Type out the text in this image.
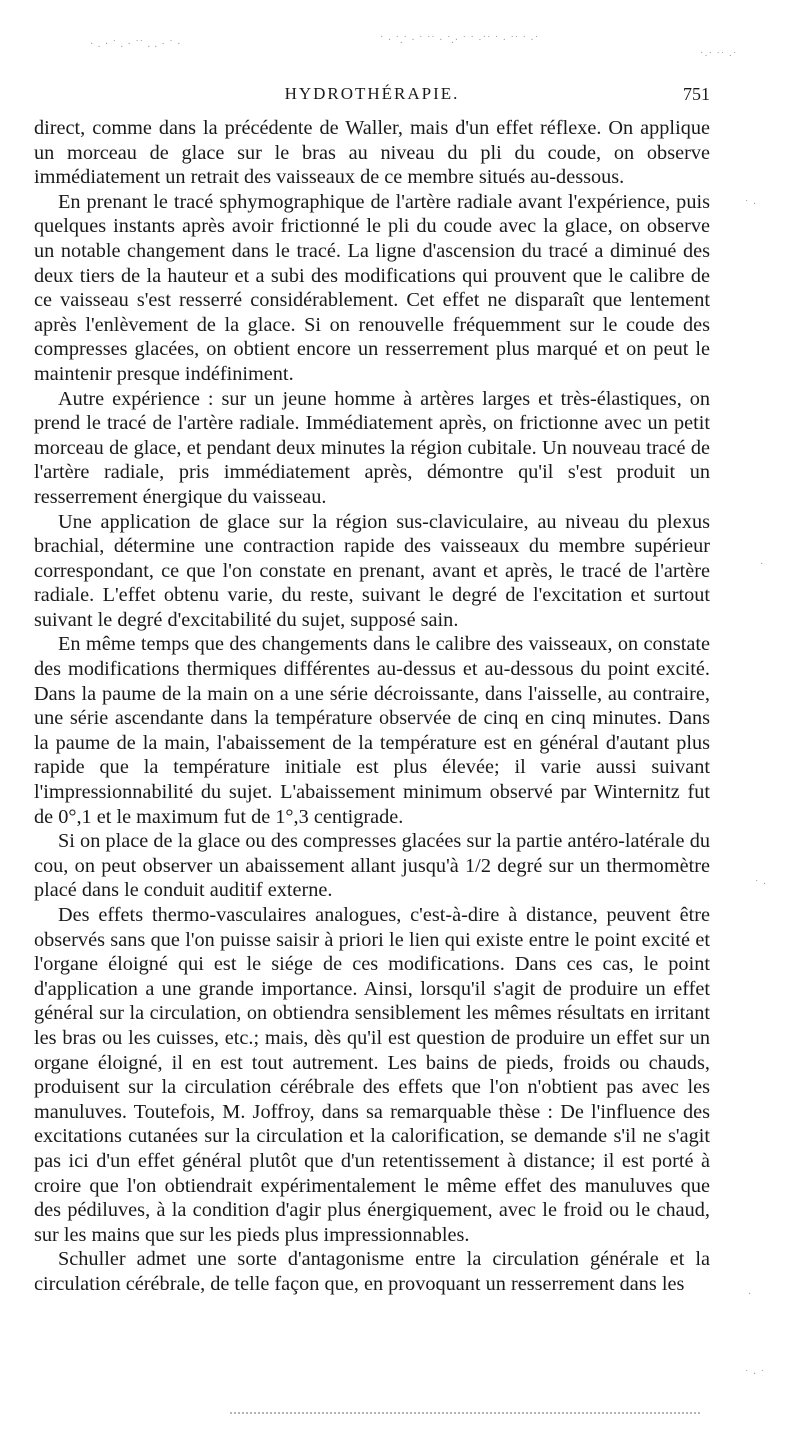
· . · ˙ . · ˙˙ . . · ˙ ·	˙ · ˙.˙ · ˙ ˙˙ · ˙.· ˙ ˙ ·˙˙ ˙ · ˙˙ ˙ ·˙
˙·˙ ˙˙ ·˙
˙ ·
·
˙ ·
·
˙ · ˙
HYDROTHÉRAPIE.	751

direct, comme dans la précédente de Waller, mais d'un effet réflexe. On applique un morceau de glace sur le bras au niveau du pli du coude, on observe immédiatement un retrait des vaisseaux de ce membre situés au-dessous.

En prenant le tracé sphymographique de l'artère radiale avant l'expérience, puis quelques instants après avoir frictionné le pli du coude avec la glace, on observe un notable changement dans le tracé. La ligne d'ascension du tracé a diminué des deux tiers de la hauteur et a subi des modifications qui prouvent que le calibre de ce vaisseau s'est resserré considérablement. Cet effet ne disparaît que lentement après l'enlèvement de la glace. Si on renouvelle fréquemment sur le coude des compresses glacées, on obtient encore un resserrement plus marqué et on peut le maintenir presque indéfiniment.

Autre expérience : sur un jeune homme à artères larges et très-élastiques, on prend le tracé de l'artère radiale. Immédiatement après, on frictionne avec un petit morceau de glace, et pendant deux minutes la région cubitale. Un nouveau tracé de l'artère radiale, pris immédiatement après, démontre qu'il s'est produit un resserrement énergique du vaisseau.

Une application de glace sur la région sus-claviculaire, au niveau du plexus brachial, détermine une contraction rapide des vaisseaux du membre supérieur correspondant, ce que l'on constate en prenant, avant et après, le tracé de l'artère radiale. L'effet obtenu varie, du reste, suivant le degré de l'excitation et surtout suivant le degré d'excitabilité du sujet, supposé sain.

En même temps que des changements dans le calibre des vaisseaux, on constate des modifications thermiques différentes au-dessus et au-dessous du point excité. Dans la paume de la main on a une série décroissante, dans l'aisselle, au contraire, une série ascendante dans la température observée de cinq en cinq minutes. Dans la paume de la main, l'abaissement de la température est en général d'autant plus rapide que la température initiale est plus élevée; il varie aussi suivant l'impressionnabilité du sujet. L'abaissement minimum observé par Winternitz fut de 0°,1 et le maximum fut de 1°,3 centigrade.

Si on place de la glace ou des compresses glacées sur la partie antéro-latérale du cou, on peut observer un abaissement allant jusqu'à 1/2 degré sur un thermomètre placé dans le conduit auditif externe.

Des effets thermo-vasculaires analogues, c'est-à-dire à distance, peuvent être observés sans que l'on puisse saisir à priori le lien qui existe entre le point excité et l'organe éloigné qui est le siége de ces modifications. Dans ces cas, le point d'application a une grande importance. Ainsi, lorsqu'il s'agit de produire un effet général sur la circulation, on obtiendra sensiblement les mêmes résultats en irritant les bras ou les cuisses, etc.; mais, dès qu'il est question de produire un effet sur un organe éloigné, il en est tout autrement. Les bains de pieds, froids ou chauds, produisent sur la circulation cérébrale des effets que l'on n'obtient pas avec les manuluves. Toutefois, M. Joffroy, dans sa remarquable thèse : De l'influence des excitations cutanées sur la circulation et la calorification, se demande s'il ne s'agit pas ici d'un effet général plutôt que d'un retentissement à distance; il est porté à croire que l'on obtiendrait expérimentalement le même effet des manuluves que des pédiluves, à la condition d'agir plus énergiquement, avec le froid ou le chaud, sur les mains que sur les pieds plus impressionnables.

Schuller admet une sorte d'antagonisme entre la circulation générale et la circulation cérébrale, de telle façon que, en provoquant un resserrement dans les
